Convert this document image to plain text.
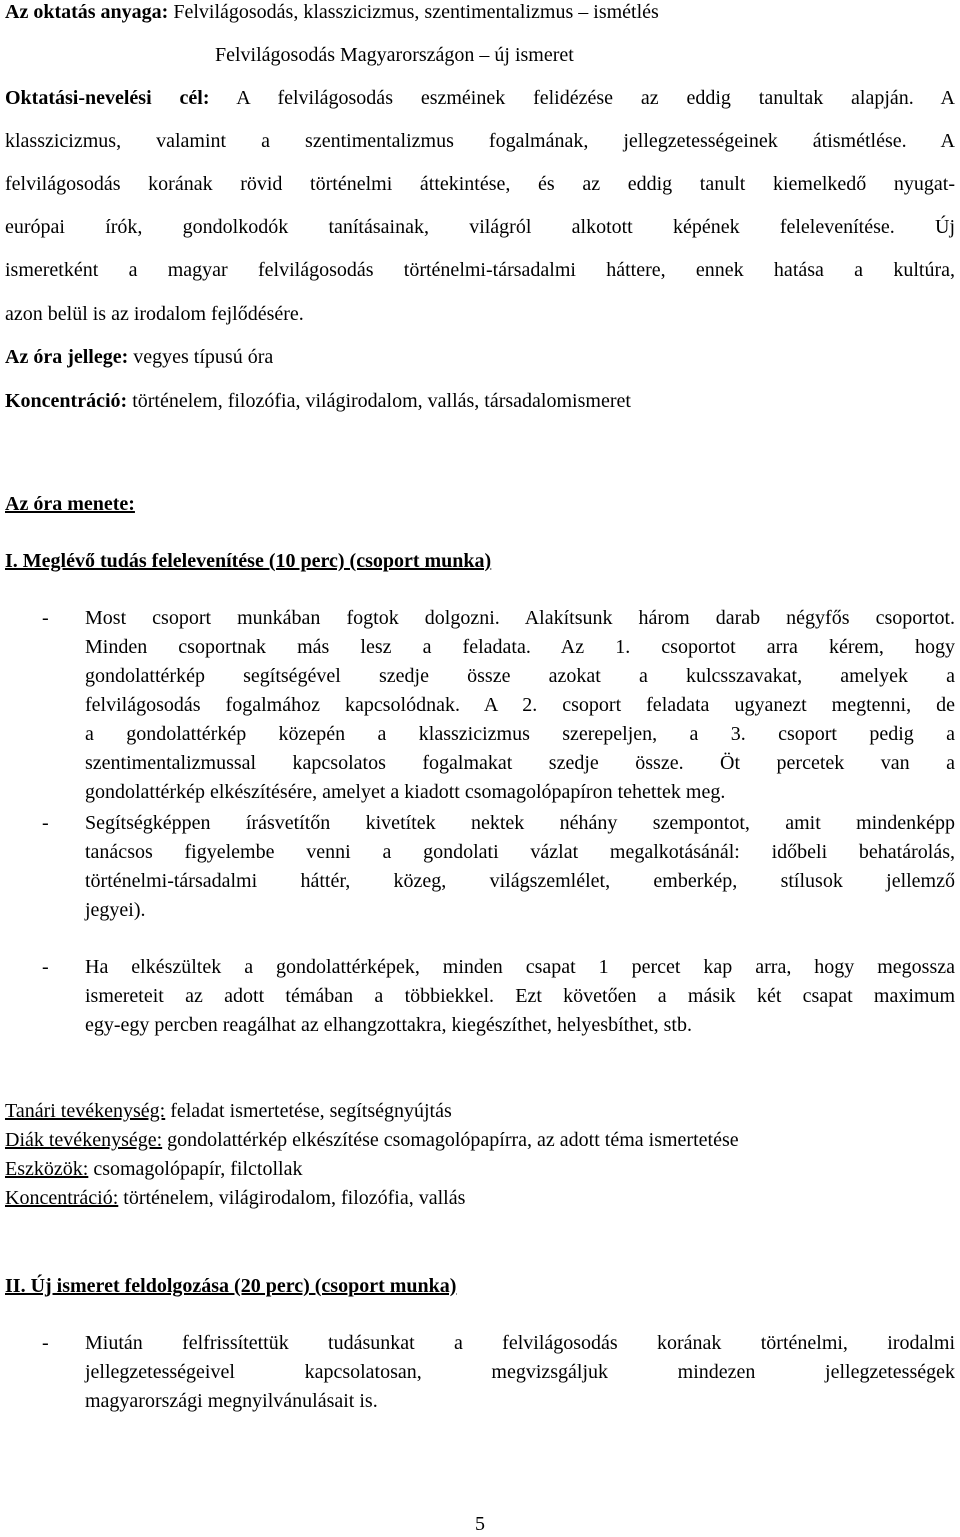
Az oktatás anyaga: Felvilágosodás, klasszicizmus, szentimentalizmus – ismétlés
Felvilágosodás Magyarországon – új ismeret
Oktatási-nevelési cél: A felvilágosodás eszméinek felidézése az eddig tanultak alapján. A
klasszicizmus, valamint a szentimentalizmus fogalmának, jellegzetességeinek átismétlése. A
felvilágosodás korának rövid történelmi áttekintése, és az eddig tanult kiemelkedő nyugat-
európai írók, gondolkodók tanításainak, világról alkotott képének felelevenítése. Új
ismeretként a magyar felvilágosodás történelmi-társadalmi háttere, ennek hatása a kultúra,
azon belül is az irodalom fejlődésére.
Az óra jellege: vegyes típusú óra
Koncentráció: történelem, filozófia, világirodalom, vallás, társadalomismeret
Az óra menete:
I. Meglévő tudás felelevenítése (10 perc) (csoport munka)
- Most csoport munkában fogtok dolgozni. Alakítsunk három darab négyfős csoportot.
Minden csoportnak más lesz a feladata. Az 1. csoportot arra kérem, hogy
gondolattérkép segítségével szedje össze azokat a kulcsszavakat, amelyek a
felvilágosodás fogalmához kapcsolódnak. A 2. csoport feladata ugyanezt megtenni, de
a gondolattérkép közepén a klasszicizmus szerepeljen, a 3. csoport pedig a
szentimentalizmussal kapcsolatos fogalmakat szedje össze. Öt percetek van a
gondolattérkép elkészítésére, amelyet a kiadott csomagolópapíron tehettek meg.
- Segítségképpen írásvetítőn kivetítek nektek néhány szempontot, amit mindenképp
tanácsos figyelembe venni a gondolati vázlat megalkotásánál: időbeli behatárolás,
történelmi-társadalmi háttér, közeg, világszemlélet, emberkép, stílusok jellemző
jegyei).
- Ha elkészültek a gondolattérképek, minden csapat 1 percet kap arra, hogy megossza
ismereteit az adott témában a többiekkel. Ezt követően a másik két csapat maximum
egy-egy percben reagálhat az elhangzottakra, kiegészíthet, helyesbíthet, stb.
Tanári tevékenység: feladat ismertetése, segítségnyújtás
Diák tevékenysége: gondolattérkép elkészítése csomagolópapírra, az adott téma ismertetése
Eszközök: csomagolópapír, filctollak
Koncentráció: történelem, világirodalom, filozófia, vallás
II. Új ismeret feldolgozása (20 perc) (csoport munka)
- Miután felfrissítettük tudásunkat a felvilágosodás korának történelmi, irodalmi
jellegzetességeivel kapcsolatosan, megvizsgáljuk mindezen jellegzetességek
magyarországi megnyilvánulásait is.
5
